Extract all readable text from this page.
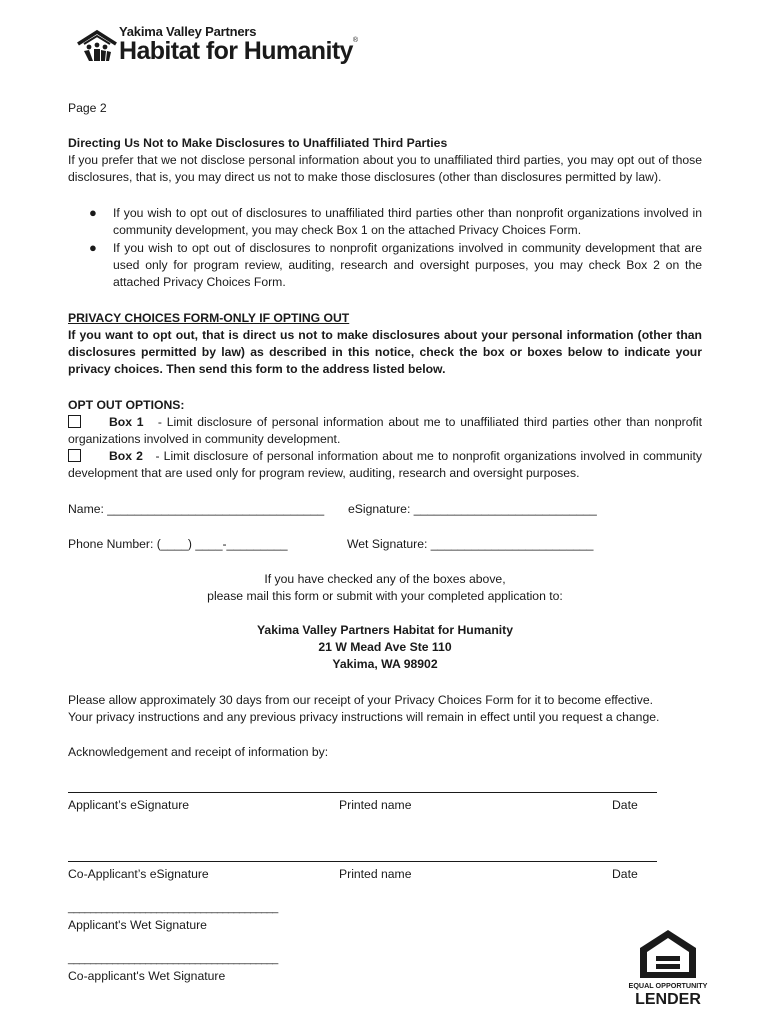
Yakima Valley Partners
Habitat for Humanity®
Page 2
Directing Us Not to Make Disclosures to Unaffiliated Third Parties
If you prefer that we not disclose personal information about you to unaffiliated third parties, you may opt out of those disclosures, that is, you may direct us not to make those disclosures (other than disclosures permitted by law).
● If you wish to opt out of disclosures to unaffiliated third parties other than nonprofit organizations involved in community development, you may check Box 1 on the attached Privacy Choices Form.
● If you wish to opt out of disclosures to nonprofit organizations involved in community development that are used only for program review, auditing, research and oversight purposes, you may check Box 2 on the attached Privacy Choices Form.
PRIVACY CHOICES FORM-ONLY IF OPTING OUT
If you want to opt out, that is direct us not to make disclosures about your personal information (other than disclosures permitted by law) as described in this notice, check the box or boxes below to indicate your privacy choices. Then send this form to the address listed below.
OPT OUT OPTIONS:
Box 1 - Limit disclosure of personal information about me to unaffiliated third parties other than nonprofit organizations involved in community development.
Box 2 - Limit disclosure of personal information about me to nonprofit organizations involved in community development that are used only for program review, auditing, research and oversight purposes.
Name: ________________________________ eSignature: ___________________________
Phone Number: (____) ____-_________	Wet Signature: ________________________
If you have checked any of the boxes above,
please mail this form or submit with your completed application to:
Yakima Valley Partners Habitat for Humanity
21 W Mead Ave Ste 110
Yakima, WA 98902
Please allow approximately 30 days from our receipt of your Privacy Choices Form for it to become effective.
Your privacy instructions and any previous privacy instructions will remain in effect until you request a change.
Acknowledgement and receipt of information by:
Applicant’s eSignature	Printed name	Date
Co-Applicant’s eSignature	Printed name	Date
______________________________________
Applicant's Wet Signature
______________________________________
Co-applicant's Wet Signature
EQUAL OPPORTUNITY
LENDER
